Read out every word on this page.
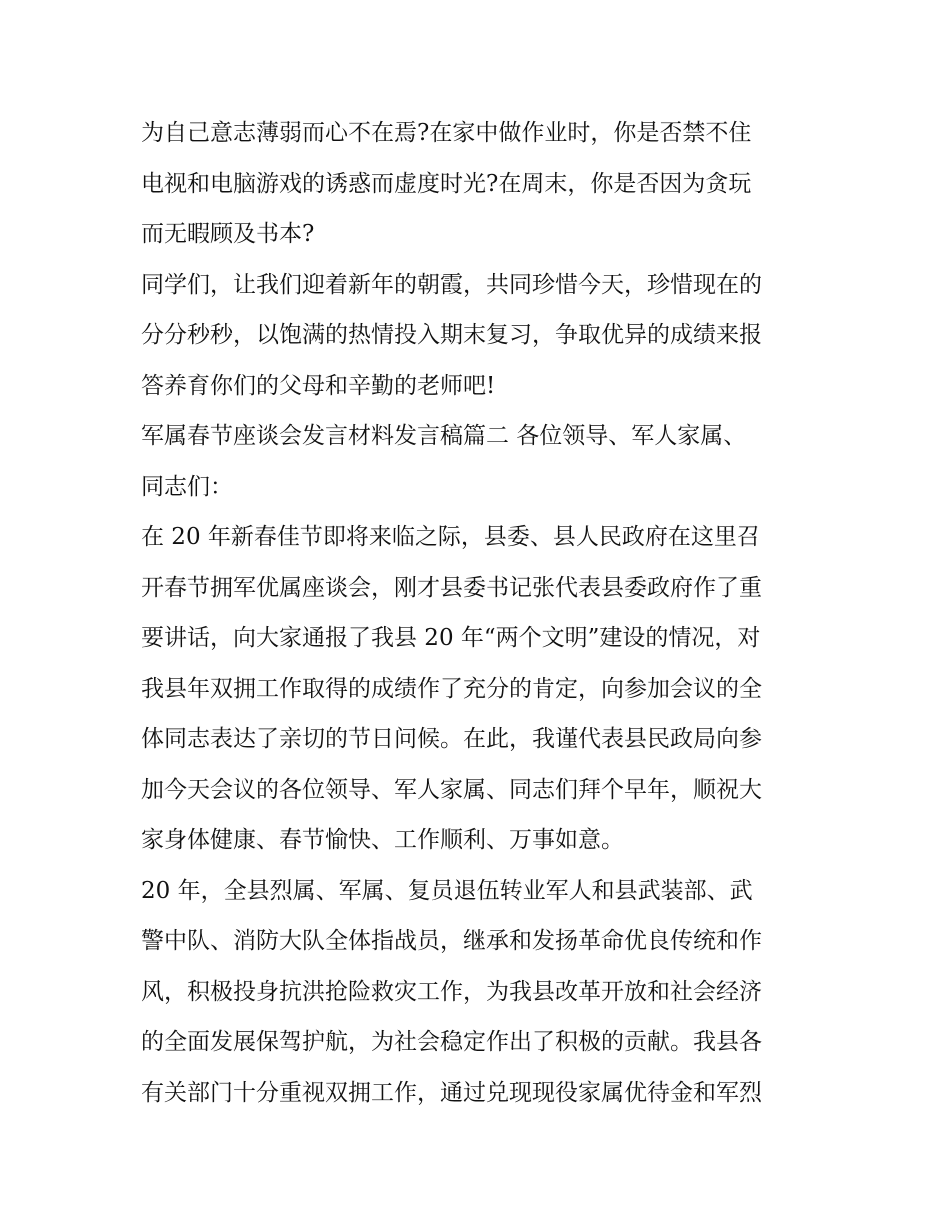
为自己意志薄弱而心不在焉?在家中做作业时，你是否禁不住
电视和电脑游戏的诱惑而虚度时光?在周末，你是否因为贪玩
而无暇顾及书本?
同学们，让我们迎着新年的朝霞，共同珍惜今天，珍惜现在的
分分秒秒，以饱满的热情投入期末复习，争取优异的成绩来报
答养育你们的父母和辛勤的老师吧!
军属春节座谈会发言材料发言稿篇二 各位领导、军人家属、
同志们：
在 20 年新春佳节即将来临之际，县委、县人民政府在这里召
开春节拥军优属座谈会，刚才县委书记张代表县委政府作了重
要讲话，向大家通报了我县 20 年“两个文明”建设的情况，对
我县年双拥工作取得的成绩作了充分的肯定，向参加会议的全
体同志表达了亲切的节日问候。在此，我谨代表县民政局向参
加今天会议的各位领导、军人家属、同志们拜个早年，顺祝大
家身体健康、春节愉快、工作顺利、万事如意。
20 年，全县烈属、军属、复员退伍转业军人和县武装部、武
警中队、消防大队全体指战员，继承和发扬革命优良传统和作
风，积极投身抗洪抢险救灾工作，为我县改革开放和社会经济
的全面发展保驾护航，为社会稳定作出了积极的贡献。我县各
有关部门十分重视双拥工作，通过兑现现役家属优待金和军烈
